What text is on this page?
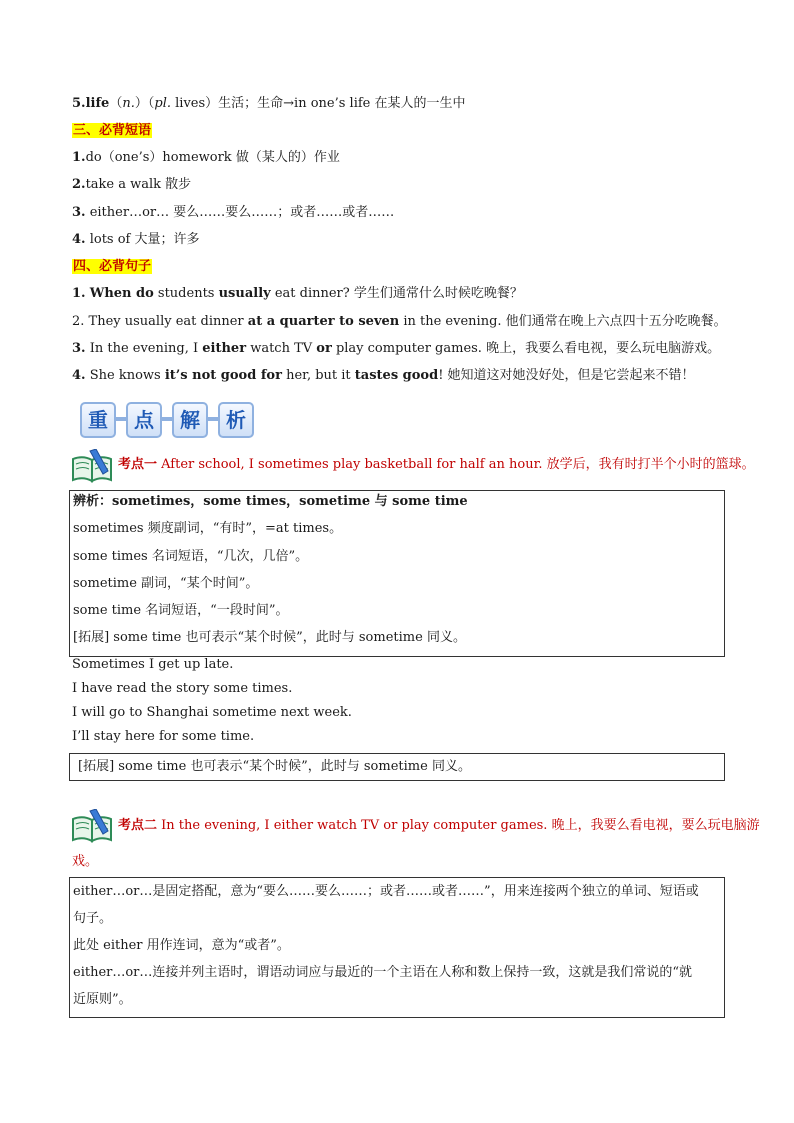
5.life（n.）（pl. lives）生活；生命→in one’s life 在某人的一生中
三、必背短语
1.do（one’s）homework 做（某人的）作业
2.take a walk 散步
3. either…or… 要么……要么……；或者……或者……
4. lots of 大量；许多
四、必背句子
1. When do students usually eat dinner? 学生们通常什么时候吃晚餐？
2. They usually eat dinner at a quarter to seven in the evening. 他们通常在晚上六点四十五分吃晚餐。
3. In the evening, I either watch TV or play computer games. 晚上，我要么看电视，要么玩电脑游戏。
4. She knows it’s not good for her, but it tastes good! 她知道这对她没好处，但是它尝起来不错！
重	点	解	析
考点一 After school, I sometimes play basketball for half an hour. 放学后，我有时打半个小时的篮球。
辨析：sometimes，some times，sometime 与 some time
sometimes 频度副词，“有时”，=at times。
some times 名词短语，“几次，几倍”。
sometime 副词，“某个时间”。
some time 名词短语，“一段时间”。
[拓展] some time 也可表示“某个时候”，此时与 sometime 同义。
Sometimes I get up late.
I have read the story some times.
I will go to Shanghai sometime next week.
I’ll stay here for some time.
[拓展] some time 也可表示“某个时候”，此时与 sometime 同义。
考点二 In the evening, I either watch TV or play computer games. 晚上，我要么看电视，要么玩电脑游
戏。
either…or…是固定搭配，意为“要么……要么……；或者……或者……”，用来连接两个独立的单词、短语或
句子。
此处 either 用作连词，意为“或者”。
either…or…连接并列主语时，谓语动词应与最近的一个主语在人称和数上保持一致，这就是我们常说的“就
近原则”。
